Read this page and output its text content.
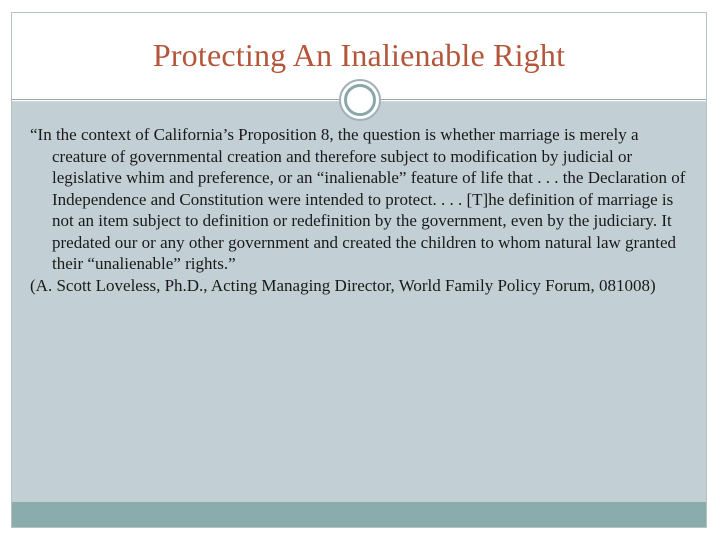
Protecting An Inalienable Right

“In the context of California’s Proposition 8, the question is whether marriage is merely a creature of governmental creation and therefore subject to modification by judicial or legislative whim and preference, or an “inalienable” feature of life that . . . the Declaration of Independence and Constitution were intended to protect. . . . [T]he definition of marriage is not an item subject to definition or redefinition by the government, even by the judiciary. It predated our or any other government and created the children to whom natural law granted their “unalienable” rights.”

(A. Scott Loveless, Ph.D., Acting Managing Director, World Family Policy Forum, 081008)
